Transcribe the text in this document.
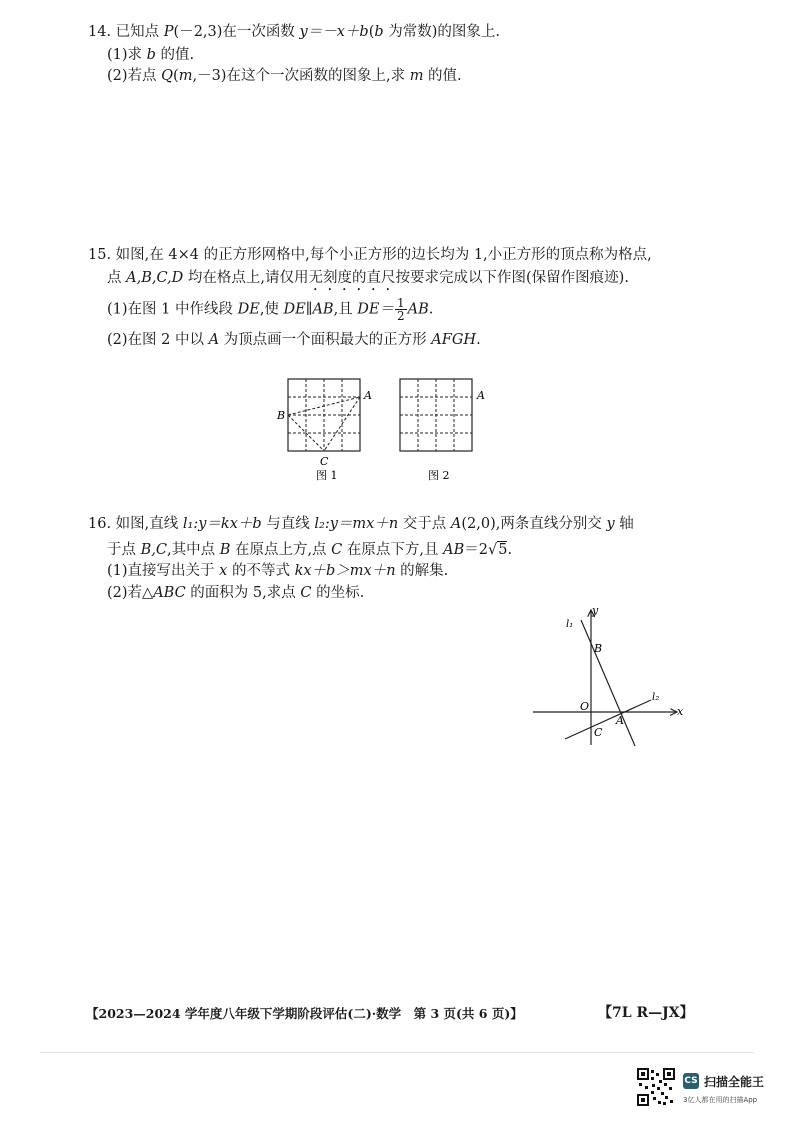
14. 已知点 P(－2,3)在一次函数 y＝－x＋b(b 为常数)的图象上.
(1)求 b 的值.
(2)若点 Q(m,－3)在这个一次函数的图象上,求 m 的值.
15. 如图,在 4×4 的正方形网格中,每个小正方形的边长均为 1,小正方形的顶点称为格点,
点 A,B,C,D 均在格点上,请仅用无刻度的直尺按要求完成以下作图(保留作图痕迹).
(1)在图 1 中作线段 DE,使 DE∥AB,且 $DE= \frac{1}{2}$ AB.
(2)在图 2 中以 A 为顶点画一个面积最大的正方形 AFGH.
A
B
C
图 1
A
图 2
16. 如图,直线 l₁:y＝kx＋b 与直线 l₂:y＝mx＋n 交于点 A(2,0),两条直线分别交 y 轴
于点 B,C,其中点 B 在原点上方,点 C 在原点下方,且 AB＝2√5.
(1)直接写出关于 x 的不等式 kx＋b＞mx＋n 的解集.
(2)若△ABC 的面积为 5,求点 C 的坐标.
l₁
l₂
y
x
B
O
A
C
【2023—2024 学年度八年级下学期阶段评估(二)·数学　第 3 页(共 6 页)】	【7L R—JX】
CS 扫描全能王
3亿人都在用的扫描App
